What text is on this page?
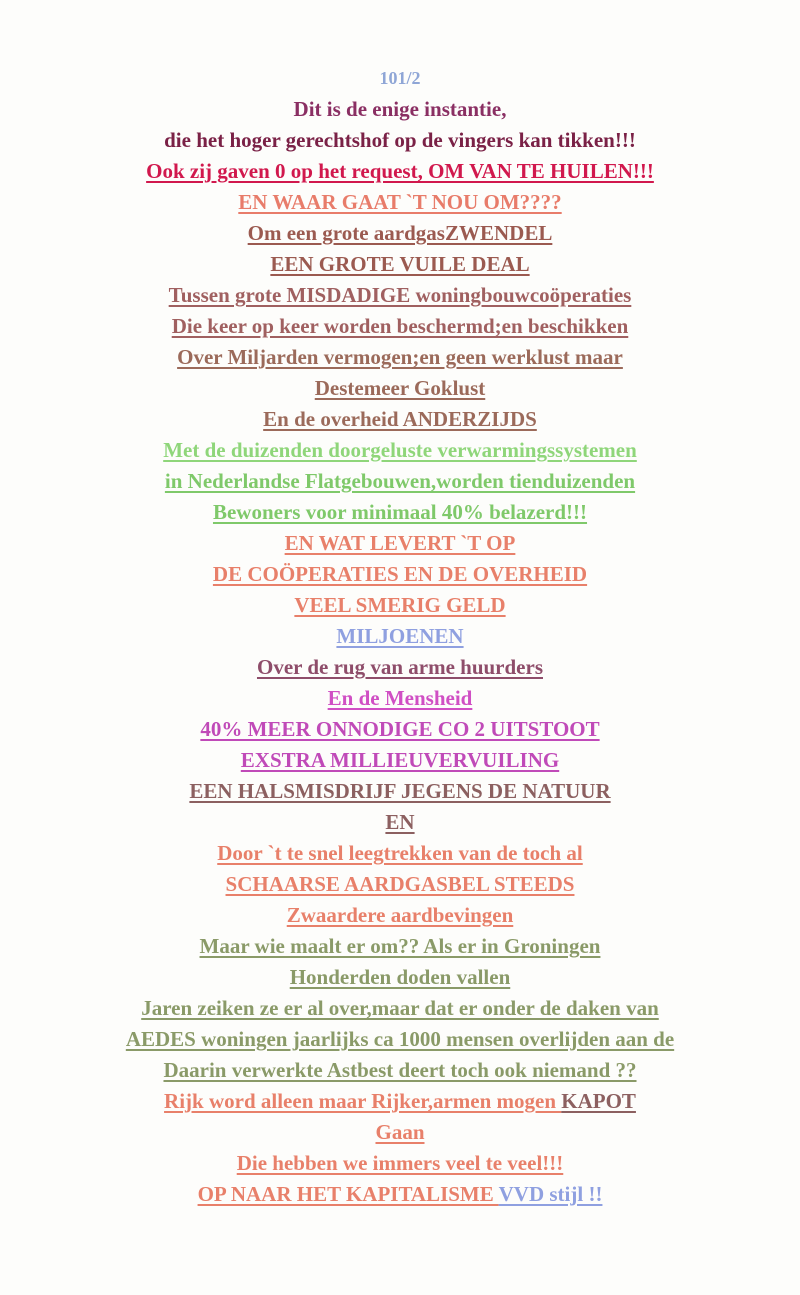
101/2
Dit is de enige instantie,
die het hoger gerechtshof op de vingers kan tikken!!!
Ook zij gaven 0 op het request, OM VAN TE HUILEN!!!
EN WAAR GAAT `T NOU OM????
Om een grote aardgasZWENDEL
EEN GROTE VUILE DEAL
Tussen grote MISDADIGE woningbouwcoöperaties
Die keer op keer worden beschermd;en beschikken
Over Miljarden vermogen;en geen werklust maar
Destemeer Goklust
En de overheid ANDERZIJDS
Met de duizenden doorgeluste verwarmingssystemen
in Nederlandse Flatgebouwen,worden tienduizenden
Bewoners voor minimaal 40% belazerd!!!
EN WAT LEVERT `T OP
DE COÖPERATIES EN DE OVERHEID
VEEL SMERIG GELD
MILJOENEN
Over de rug van arme huurders
En de Mensheid
40% MEER ONNODIGE CO 2 UITSTOOT
EXSTRA MILLIEUVERVUILING
EEN HALSMISDRIJF JEGENS DE NATUUR
EN
Door `t te snel leegtrekken van de toch al
SCHAARSE AARDGASBEL STEEDS
Zwaardere aardbevingen
Maar wie maalt er om?? Als er in Groningen
Honderden doden vallen
Jaren zeiken ze er al over,maar dat er onder de daken van
AEDES woningen jaarlijks ca 1000 mensen overlijden aan de
Daarin verwerkte Astbest deert toch ook niemand ??
Rijk word alleen maar Rijker,armen mogen KAPOT
Gaan
Die hebben we immers veel te veel!!!
OP NAAR HET KAPITALISME VVD stijl !!
